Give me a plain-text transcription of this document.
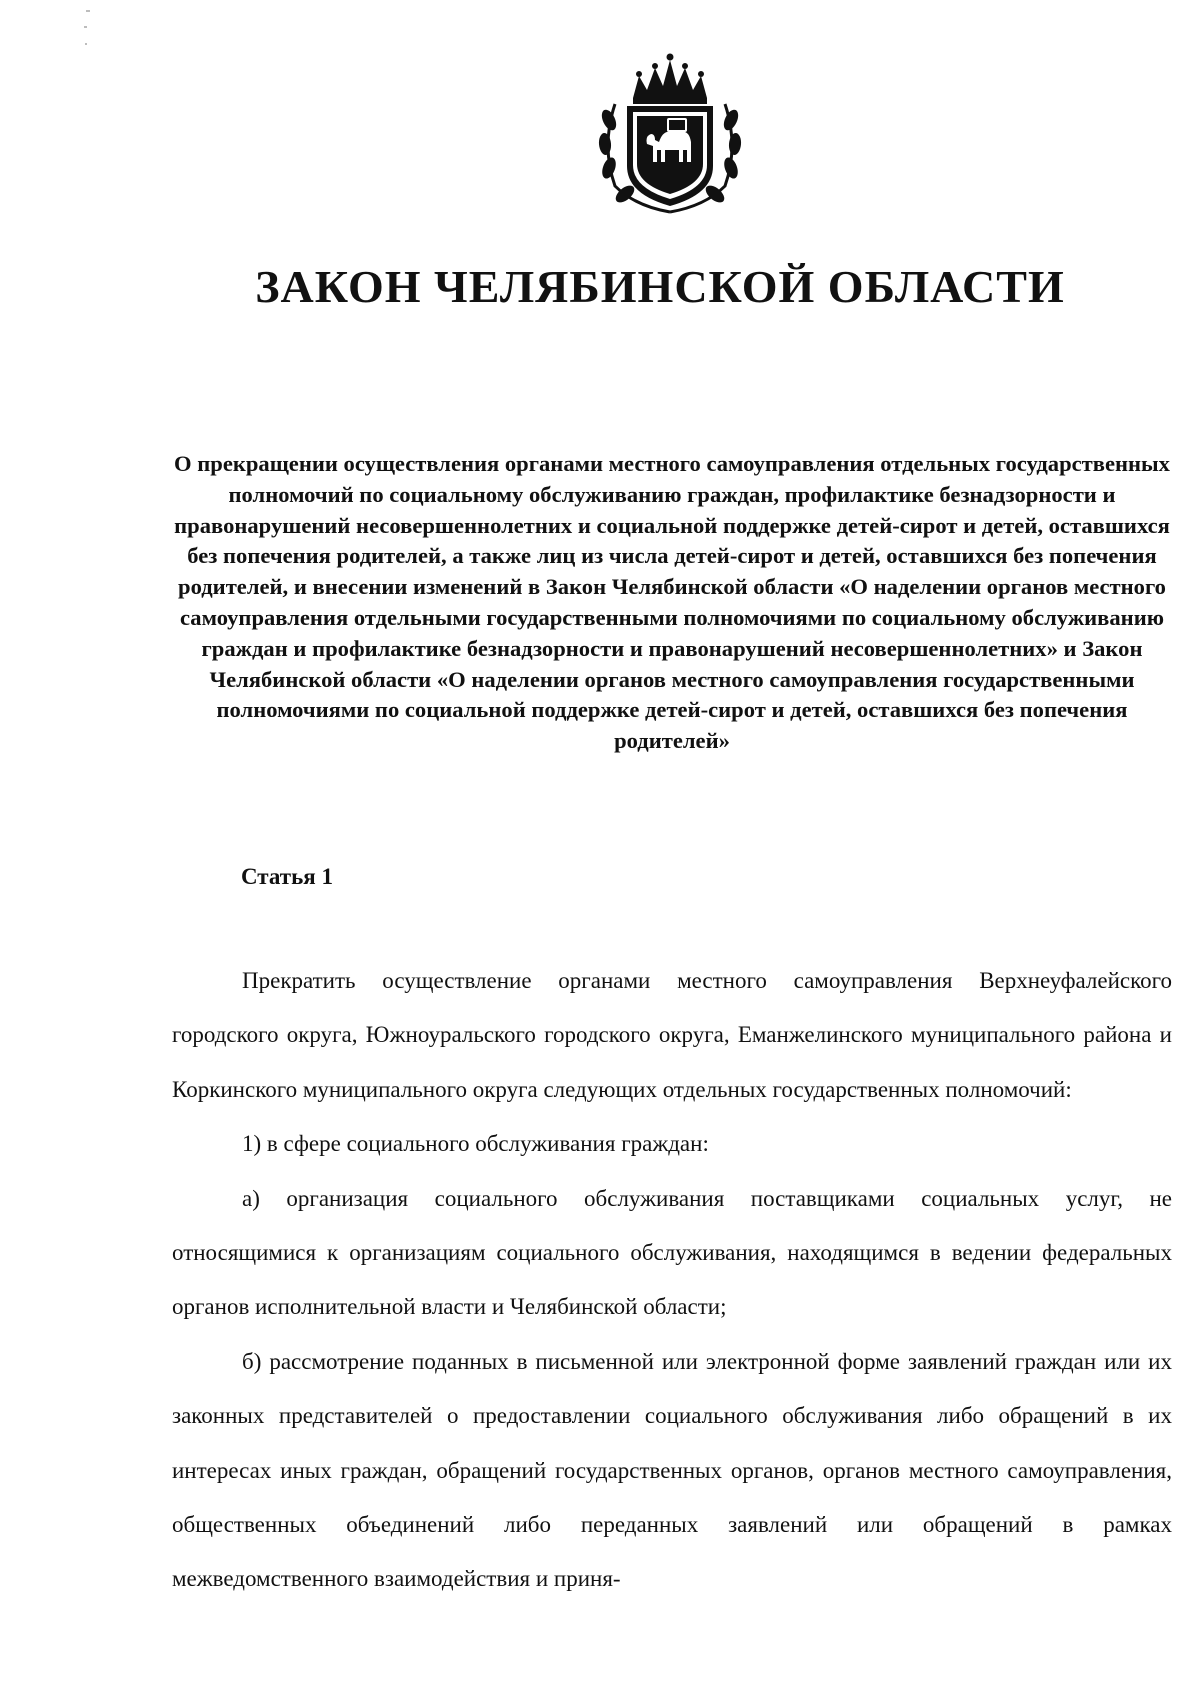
ЗАКОН ЧЕЛЯБИНСКОЙ ОБЛАСТИ

О прекращении осуществления органами местного самоуправления отдельных государственных полномочий по социальному обслуживанию граждан, профилактике безнадзорности и правонарушений несовершеннолетних и социальной поддержке детей-сирот и детей, оставшихся без попечения родителей, а также лиц из числа детей-сирот и детей, оставшихся без попечения родителей, и внесении изменений в Закон Челябинской области «О наделении органов местного самоуправления отдельными государственными полномочиями по социальному обслуживанию граждан и профилактике безнадзорности и правонарушений несовершеннолетних» и Закон Челябинской области «О наделении органов местного самоуправления государственными полномочиями по социальной поддержке детей-сирот и детей, оставшихся без попечения родителей»

Статья 1

Прекратить осуществление органами местного самоуправления Верхнеуфалейского городского округа, Южноуральского городского округа, Еманжелинского муниципального района и Коркинского муниципального округа следующих отдельных государственных полномочий:

1) в сфере социального обслуживания граждан:

а) организация социального обслуживания поставщиками социальных услуг, не относящимися к организациям социального обслуживания, находящимся в ведении федеральных органов исполнительной власти и Челябинской области;

б) рассмотрение поданных в письменной или электронной форме заявлений граждан или их законных представителей о предоставлении социального обслуживания либо обращений в их интересах иных граждан, обращений государственных органов, органов местного самоуправления, общественных объединений либо переданных заявлений или обращений в рамках межведомственного взаимодействия и приня-
